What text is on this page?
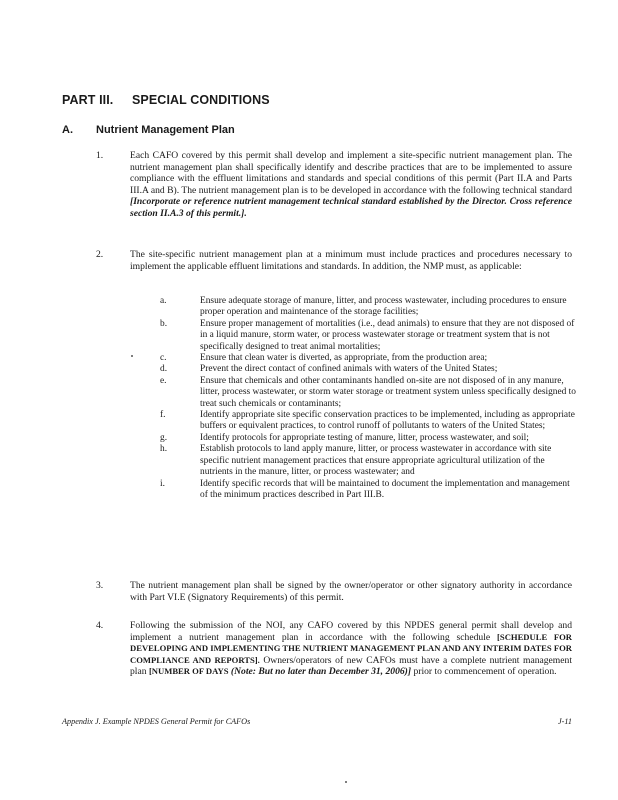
PART III. SPECIAL CONDITIONS
A. Nutrient Management Plan
1.	Each CAFO covered by this permit shall develop and implement a site-specific nutrient management plan. The nutrient management plan shall specifically identify and describe practices that are to be implemented to assure compliance with the effluent limitations and standards and special conditions of this permit (Part II.A and Parts III.A and B). The nutrient management plan is to be developed in accordance with the following technical standard [Incorporate or reference nutrient management technical standard established by the Director. Cross reference section II.A.3 of this permit.].
2.	The site-specific nutrient management plan at a minimum must include practices and procedures necessary to implement the applicable effluent limitations and standards. In addition, the NMP must, as applicable:
a.	Ensure adequate storage of manure, litter, and process wastewater, including procedures to ensure proper operation and maintenance of the storage facilities;
b.	Ensure proper management of mortalities (i.e., dead animals) to ensure that they are not disposed of in a liquid manure, storm water, or process wastewater storage or treatment system that is not specifically designed to treat animal mortalities;
c.	Ensure that clean water is diverted, as appropriate, from the production area;
d.	Prevent the direct contact of confined animals with waters of the United States;
e.	Ensure that chemicals and other contaminants handled on-site are not disposed of in any manure, litter, process wastewater, or storm water storage or treatment system unless specifically designed to treat such chemicals or contaminants;
f.	Identify appropriate site specific conservation practices to be implemented, including as appropriate buffers or equivalent practices, to control runoff of pollutants to waters of the United States;
g.	Identify protocols for appropriate testing of manure, litter, process wastewater, and soil;
h.	Establish protocols to land apply manure, litter, or process wastewater in accordance with site specific nutrient management practices that ensure appropriate agricultural utilization of the nutrients in the manure, litter, or process wastewater; and
i.	Identify specific records that will be maintained to document the implementation and management of the minimum practices described in Part III.B.
3.	The nutrient management plan shall be signed by the owner/operator or other signatory authority in accordance with Part VI.E (Signatory Requirements) of this permit.
4.	Following the submission of the NOI, any CAFO covered by this NPDES general permit shall develop and implement a nutrient management plan in accordance with the following schedule [SCHEDULE FOR DEVELOPING AND IMPLEMENTING THE NUTRIENT MANAGEMENT PLAN AND ANY INTERIM DATES FOR COMPLIANCE AND REPORTS]. Owners/operators of new CAFOs must have a complete nutrient management plan [NUMBER OF DAYS (Note: But no later than December 31, 2006)] prior to commencement of operation.
Appendix J. Example NPDES General Permit for CAFOs	J-11
